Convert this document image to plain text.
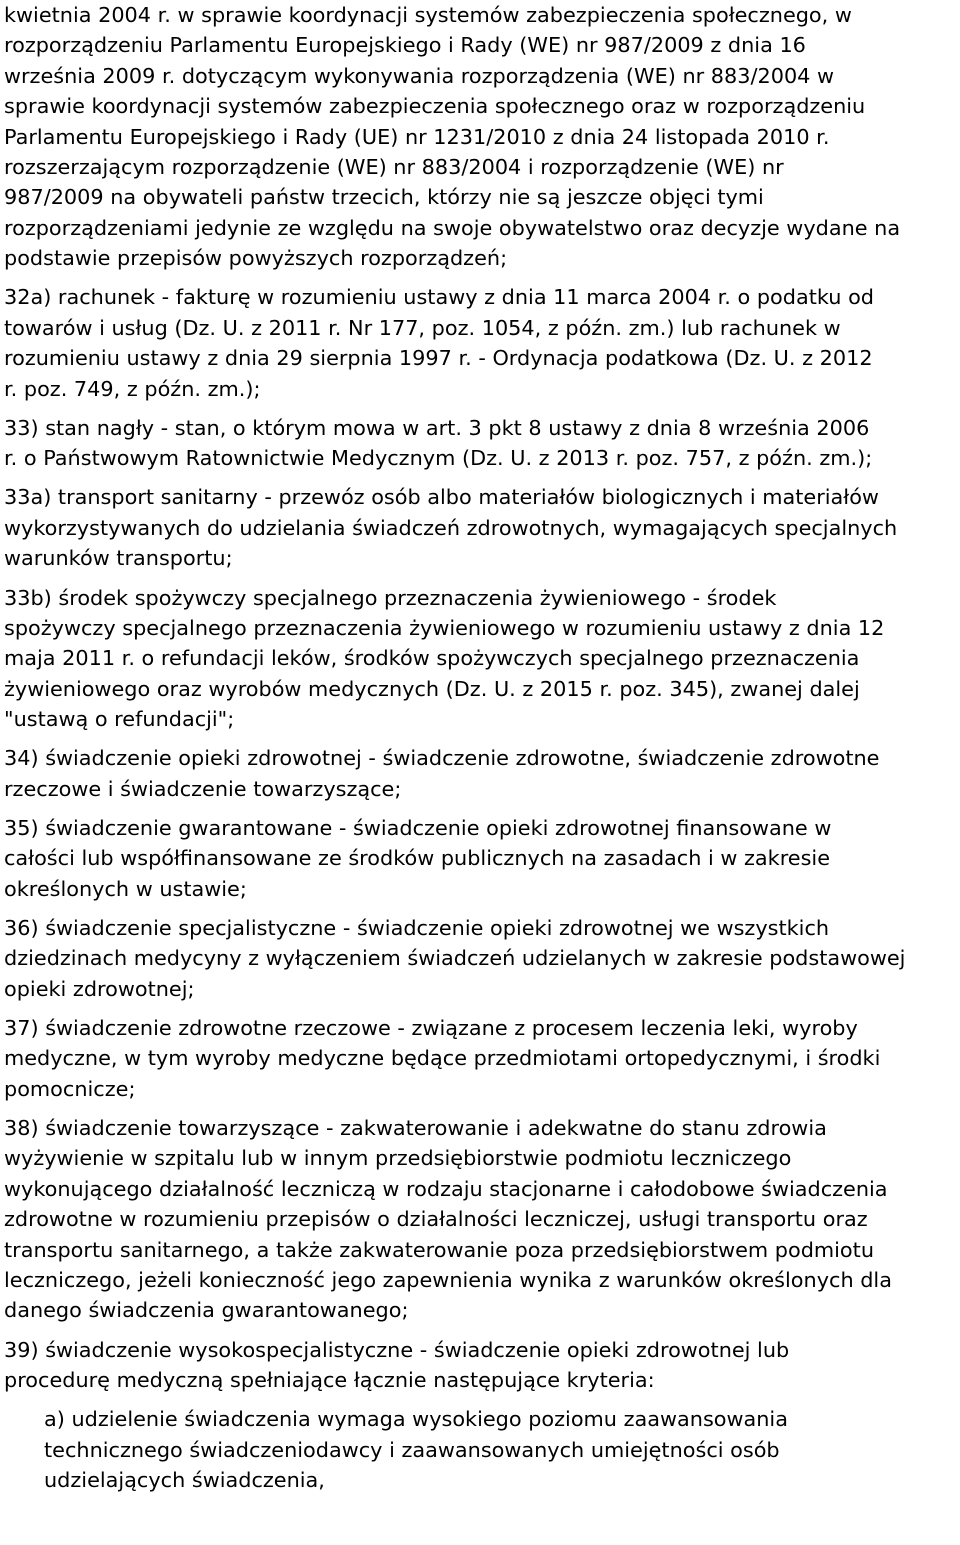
kwietnia 2004 r. w sprawie koordynacji systemów zabezpieczenia społecznego, w
rozporządzeniu Parlamentu Europejskiego i Rady (WE) nr 987/2009 z dnia 16
września 2009 r. dotyczącym wykonywania rozporządzenia (WE) nr 883/2004 w
sprawie koordynacji systemów zabezpieczenia społecznego oraz w rozporządzeniu
Parlamentu Europejskiego i Rady (UE) nr 1231/2010 z dnia 24 listopada 2010 r.
rozszerzającym rozporządzenie (WE) nr 883/2004 i rozporządzenie (WE) nr
987/2009 na obywateli państw trzecich, którzy nie są jeszcze objęci tymi
rozporządzeniami jedynie ze względu na swoje obywatelstwo oraz decyzje wydane na
podstawie przepisów powyższych rozporządzeń;
32a) rachunek - fakturę w rozumieniu ustawy z dnia 11 marca 2004 r. o podatku od
towarów i usług (Dz. U. z 2011 r. Nr 177, poz. 1054, z późn. zm.) lub rachunek w
rozumieniu ustawy z dnia 29 sierpnia 1997 r. - Ordynacja podatkowa (Dz. U. z 2012
r. poz. 749, z późn. zm.);
33) stan nagły - stan, o którym mowa w art. 3 pkt 8 ustawy z dnia 8 września 2006
r. o Państwowym Ratownictwie Medycznym (Dz. U. z 2013 r. poz. 757, z późn. zm.);
33a) transport sanitarny - przewóz osób albo materiałów biologicznych i materiałów
wykorzystywanych do udzielania świadczeń zdrowotnych, wymagających specjalnych
warunków transportu;
33b) środek spożywczy specjalnego przeznaczenia żywieniowego - środek
spożywczy specjalnego przeznaczenia żywieniowego w rozumieniu ustawy z dnia 12
maja 2011 r. o refundacji leków, środków spożywczych specjalnego przeznaczenia
żywieniowego oraz wyrobów medycznych (Dz. U. z 2015 r. poz. 345), zwanej dalej
"ustawą o refundacji";
34) świadczenie opieki zdrowotnej - świadczenie zdrowotne, świadczenie zdrowotne
rzeczowe i świadczenie towarzyszące;
35) świadczenie gwarantowane - świadczenie opieki zdrowotnej finansowane w
całości lub współfinansowane ze środków publicznych na zasadach i w zakresie
określonych w ustawie;
36) świadczenie specjalistyczne - świadczenie opieki zdrowotnej we wszystkich
dziedzinach medycyny z wyłączeniem świadczeń udzielanych w zakresie podstawowej
opieki zdrowotnej;
37) świadczenie zdrowotne rzeczowe - związane z procesem leczenia leki, wyroby
medyczne, w tym wyroby medyczne będące przedmiotami ortopedycznymi, i środki
pomocnicze;
38) świadczenie towarzyszące - zakwaterowanie i adekwatne do stanu zdrowia
wyżywienie w szpitalu lub w innym przedsiębiorstwie podmiotu leczniczego
wykonującego działalność leczniczą w rodzaju stacjonarne i całodobowe świadczenia
zdrowotne w rozumieniu przepisów o działalności leczniczej, usługi transportu oraz
transportu sanitarnego, a także zakwaterowanie poza przedsiębiorstwem podmiotu
leczniczego, jeżeli konieczność jego zapewnienia wynika z warunków określonych dla
danego świadczenia gwarantowanego;
39) świadczenie wysokospecjalistyczne - świadczenie opieki zdrowotnej lub
procedurę medyczną spełniające łącznie następujące kryteria:
a) udzielenie świadczenia wymaga wysokiego poziomu zaawansowania
technicznego świadczeniodawcy i zaawansowanych umiejętności osób
udzielających świadczenia,
